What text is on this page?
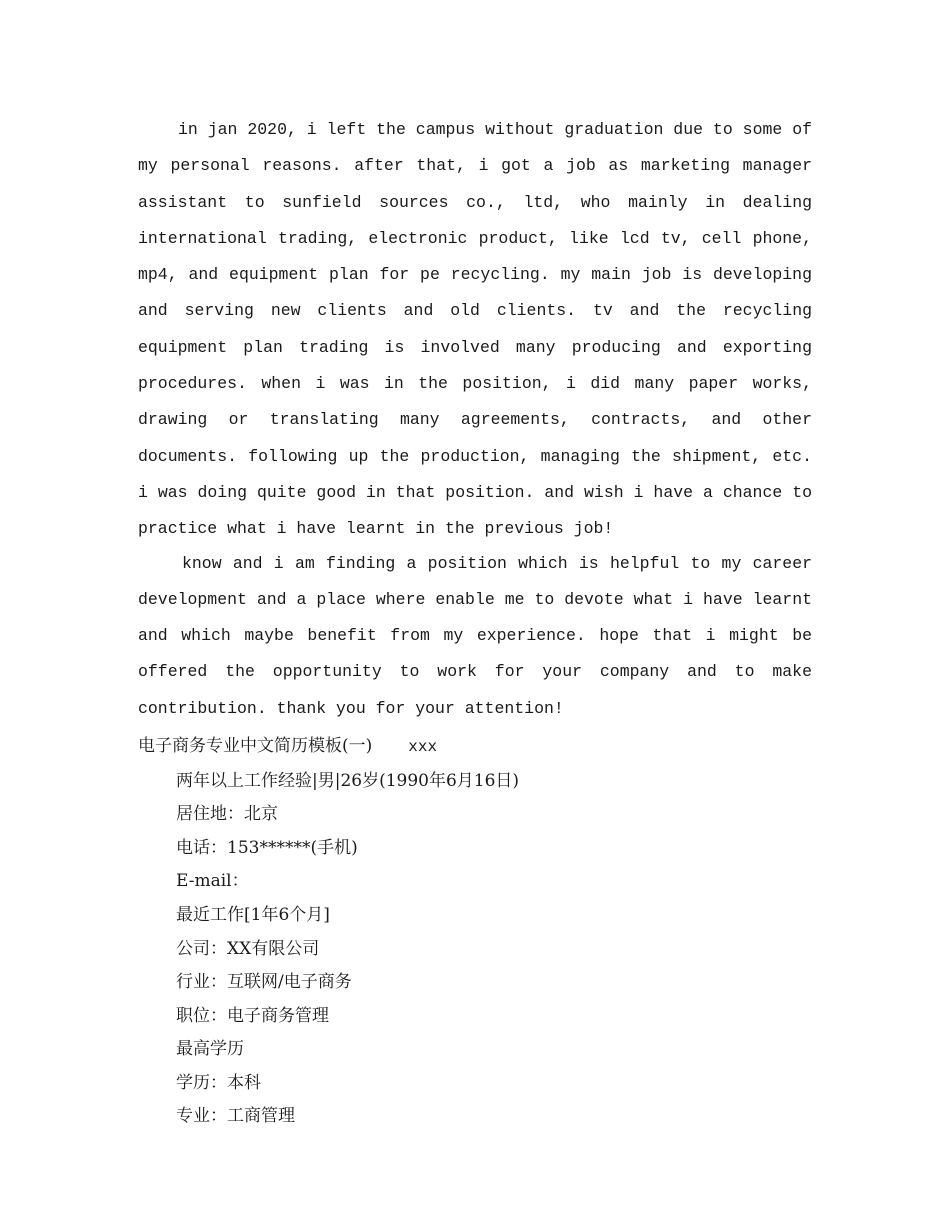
in jan 2020, i left the campus without graduation due to some of my personal reasons. after that, i got a job as marketing manager assistant to sunfield sources co., ltd, who mainly in dealing international trading, electronic product, like lcd tv, cell phone, mp4, and equipment plan for pe recycling. my main job is developing and serving new clients and old clients. tv and the recycling equipment plan trading is involved many producing and exporting procedures. when i was in the position, i did many paper works, drawing or translating many agreements, contracts, and other documents. following up the production, managing the shipment, etc. i was doing quite good in that position. and wish i have a chance to practice what i have learnt in the previous job!

know and i am finding a position which is helpful to my career development and a place where enable me to devote what i have learnt and which maybe benefit from my experience. hope that i might be offered the opportunity to work for your company and to make contribution. thank you for your attention!

电子商务专业中文简历模板(一) xxx
两年以上工作经验|男|26岁(1990年6月16日)
居住地：北京
电话：153******(手机)
E-mail：
最近工作[1年6个月]
公司：XX有限公司
行业：互联网/电子商务
职位：电子商务管理
最高学历
学历：本科
专业：工商管理
